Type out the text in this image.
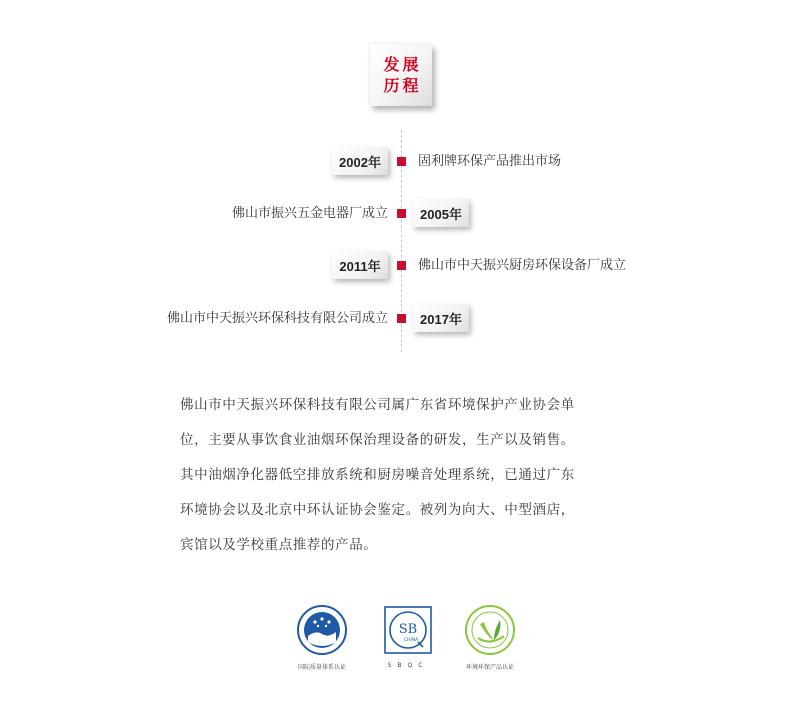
发展
历程
2002年	固利牌环保产品推出市场
佛山市振兴五金电器厂成立	2005年
2011年	佛山市中天振兴厨房环保设备厂成立
佛山市中天振兴环保科技有限公司成立	2017年

佛山市中天振兴环保科技有限公司属广东省环境保护产业协会单

位，主要从事饮食业油烟环保治理设备的研发，生产以及销售。

其中油烟净化器低空排放系统和厨房噪音处理系统，已通过广东

环境协会以及北京中环认证协会鉴定。被列为向大、中型酒店，

宾馆以及学校重点推荐的产品。

国际质量体系认证
SB
CHINA
SBQC	环境环保产品认证
